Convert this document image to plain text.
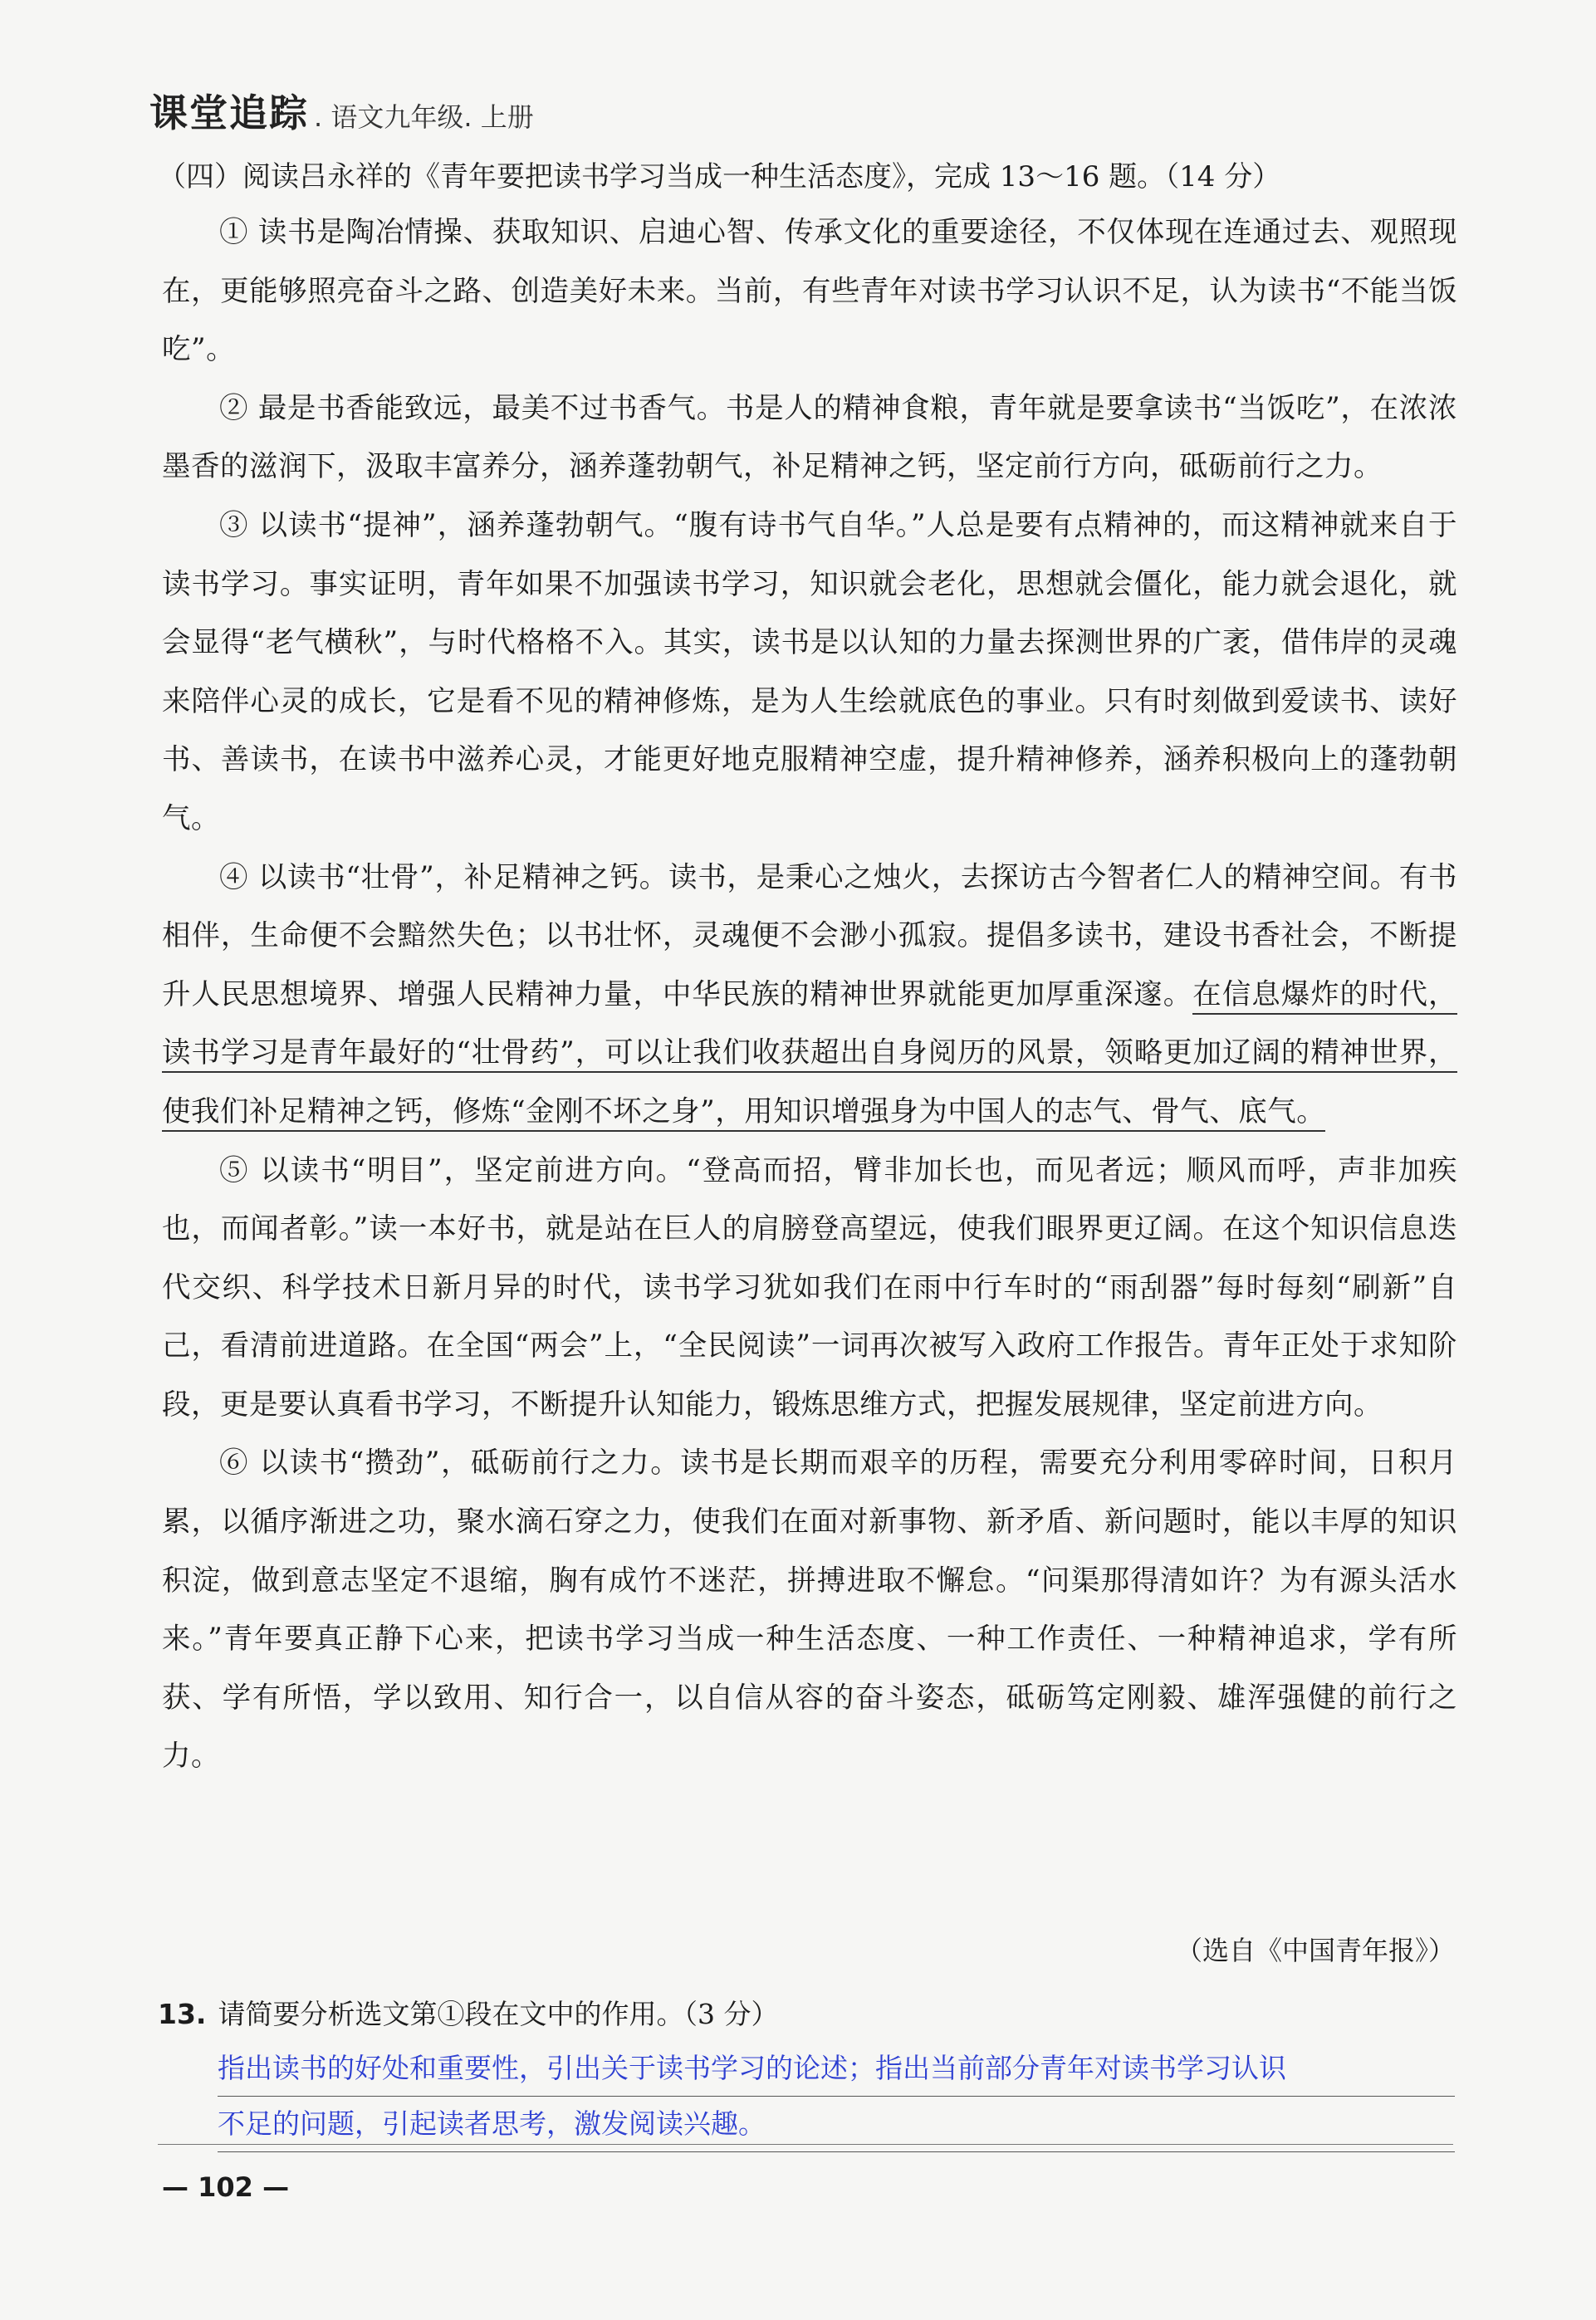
课堂追踪 . 语文九年级. 上册
（四）阅读吕永祥的《青年要把读书学习当成一种生活态度》，完成 13～16 题。（14 分）

① 读书是陶冶情操、获取知识、启迪心智、传承文化的重要途径，不仅体现在连通过去、观照现在，更能够照亮奋斗之路、创造美好未来。当前，有些青年对读书学习认识不足，认为读书“不能当饭吃”。

② 最是书香能致远，最美不过书香气。书是人的精神食粮，青年就是要拿读书“当饭吃”，在浓浓墨香的滋润下，汲取丰富养分，涵养蓬勃朝气，补足精神之钙，坚定前行方向，砥砺前行之力。

③ 以读书“提神”，涵养蓬勃朝气。“腹有诗书气自华。”人总是要有点精神的，而这精神就来自于读书学习。事实证明，青年如果不加强读书学习，知识就会老化，思想就会僵化，能力就会退化，就会显得“老气横秋”，与时代格格不入。其实，读书是以认知的力量去探测世界的广袤，借伟岸的灵魂来陪伴心灵的成长，它是看不见的精神修炼，是为人生绘就底色的事业。只有时刻做到爱读书、读好书、善读书，在读书中滋养心灵，才能更好地克服精神空虚，提升精神修养，涵养积极向上的蓬勃朝气。

④ 以读书“壮骨”，补足精神之钙。读书，是秉心之烛火，去探访古今智者仁人的精神空间。有书相伴，生命便不会黯然失色；以书壮怀，灵魂便不会渺小孤寂。提倡多读书，建设书香社会，不断提升人民思想境界、增强人民精神力量，中华民族的精神世界就能更加厚重深邃。在信息爆炸的时代，读书学习是青年最好的“壮骨药”，可以让我们收获超出自身阅历的风景，领略更加辽阔的精神世界，使我们补足精神之钙，修炼“金刚不坏之身”，用知识增强身为中国人的志气、骨气、底气。

⑤ 以读书“明目”，坚定前进方向。“登高而招，臂非加长也，而见者远；顺风而呼，声非加疾也，而闻者彰。”读一本好书，就是站在巨人的肩膀登高望远，使我们眼界更辽阔。在这个知识信息迭代交织、科学技术日新月异的时代，读书学习犹如我们在雨中行车时的“雨刮器”每时每刻“刷新”自己，看清前进道路。在全国“两会”上，“全民阅读”一词再次被写入政府工作报告。青年正处于求知阶段，更是要认真看书学习，不断提升认知能力，锻炼思维方式，把握发展规律，坚定前进方向。

⑥ 以读书“攒劲”，砥砺前行之力。读书是长期而艰辛的历程，需要充分利用零碎时间，日积月累，以循序渐进之功，聚水滴石穿之力，使我们在面对新事物、新矛盾、新问题时，能以丰厚的知识积淀，做到意志坚定不退缩，胸有成竹不迷茫，拼搏进取不懈怠。“问渠那得清如许？为有源头活水来。”青年要真正静下心来，把读书学习当成一种生活态度、一种工作责任、一种精神追求，学有所获、学有所悟，学以致用、知行合一，以自信从容的奋斗姿态，砥砺笃定刚毅、雄浑强健的前行之力。

（选自《中国青年报》）
13. 请简要分析选文第①段在文中的作用。（3 分）
指出读书的好处和重要性，引出关于读书学习的论述；指出当前部分青年对读书学习认识
不足的问题，引起读者思考，激发阅读兴趣。
— 102 —
